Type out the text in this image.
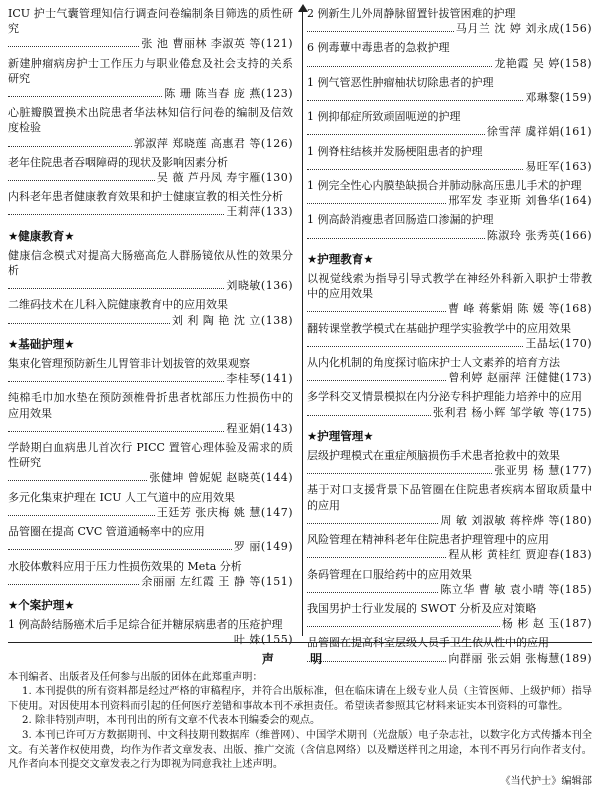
ICU 护士气囊管理知信行调查问卷编制条目筛选的质性研究
张 池 曹丽林 李淑英 等(121)
新建肿瘤病房护士工作压力与职业倦怠及社会支持的关系研究
陈 珊 陈当春 庞 燕(123)
心脏瓣膜置换术出院患者华法林知信行问卷的编制及信效度检验
郭淑萍 郑晓莲 高惠君 等(126)
老年住院患者吞咽障碍的现状及影响因素分析
吴 薇 芦丹凤 寿宇雁(130)
内科老年患者健康教育效果和护士健康宣教的相关性分析
王莉萍(133)
★健康教育★
健康信念模式对提高大肠癌高危人群肠镜依从性的效果分析
刘晓敏(136)
二维码技术在儿科入院健康教育中的应用效果
刘 利 陶 艳 沈 立(138)
★基础护理★
集束化管理预防新生儿胃管非计划拔管的效果观察
李桂琴(141)
纯棉毛巾加水垫在预防颈椎骨折患者枕部压力性损伤中的应用效果
程亚娟(143)
学龄期白血病患儿首次行 PICC 置管心理体验及需求的质性研究
张健坤 曾妮妮 赵晓英(144)
多元化集束护理在 ICU 人工气道中的应用效果
王廷芳 张庆梅 姚 慧(147)
品管圈在提高 CVC 管道通畅率中的应用
罗 丽(149)
水胶体敷料应用于压力性损伤效果的 Meta 分析
余丽丽 左红霞 王 静 等(151)
★个案护理★
1 例高龄结肠癌术后手足综合征并糖尿病患者的压疮护理
叶 姝(155)
2 例新生儿外周静脉留置针拔管困难的护理
马月兰 沈 婷 刘永成(156)
6 例毒蕈中毒患者的急救护理
龙艳霞 吴 婷(158)
1 例气管恶性肿瘤柚状切除患者的护理
邓琳黎(159)
1 例抑郁症所致顽固呃逆的护理
徐雪萍 虞祥娟(161)
1 例脊柱结核并发肠梗阻患者的护理
易旺军(163)
1 例完全性心内膜垫缺损合并肺动脉高压患儿手术的护理
邢军发 李亚斯 刘鲁华(164)
1 例高龄消瘦患者回肠造口渗漏的护理
陈淑玲 张秀英(166)
★护理教育★
以视觉线索为指导引导式教学在神经外科新入职护士带教中的应用效果
曹 峰 蒋紫娟 陈 媛 等(168)
翻转课堂教学模式在基础护理学实验教学中的应用效果
王晶坛(170)
从内化机制的角度探讨临床护士人文素养的培育方法
曾利婷 赵丽萍 汪健健(173)
多学科交叉情景模拟在内分泌专科护理能力培养中的应用
张利君 杨小辉 邹学敏 等(175)
★护理管理★
层级护理模式在重症颅脑损伤手术患者抢救中的效果
张亚男 杨 慧(177)
基于对口支援背景下品管圈在住院患者疾病本留取质量中的应用
周 敏 刘淑敏 蒋梓烨 等(180)
风险管理在精神科老年住院患者护理管理中的应用
程从彬 黄桂红 贾迎春(183)
条码管理在口服给药中的应用效果
陈立华 曹 敏 袁小晴 等(185)
我国男护士行业发展的 SWOT 分析及应对策略
杨 彬 赵 玉(187)
品管圈在提高科室层级人员手卫生依从性中的应用
向群丽 张云娟 张梅慧(189)
声 明

本刊编者、出版者及任何参与出版的团体在此郑重声明：

1. 本刊提供的所有资料都是经过严格的审稿程序，并符合出版标准，但在临床请在上级专业人员（主管医师、上级护师）指导下使用。对因使用本刊资料而引起的任何医疗差错和事故本刊不承担责任。希望读者参照其它材料来证实本刊资料的可靠性。

2. 除非特别声明，本刊刊出的所有文章不代表本刊编委会的观点。

3. 本刊已许可万方数据期刊、中文科技期刊数据库（维普网）、中国学术期刊（光盘版）电子杂志社，以数字化方式传播本刊全文。有关著作权使用费，均作为作者文章发表、出版、推广交流（含信息网络）以及赠送样刊之用途，本刊不再另行向作者支付。凡作者向本刊提交文章发表之行为即视为同意我社上述声明。

《当代护士》编辑部
